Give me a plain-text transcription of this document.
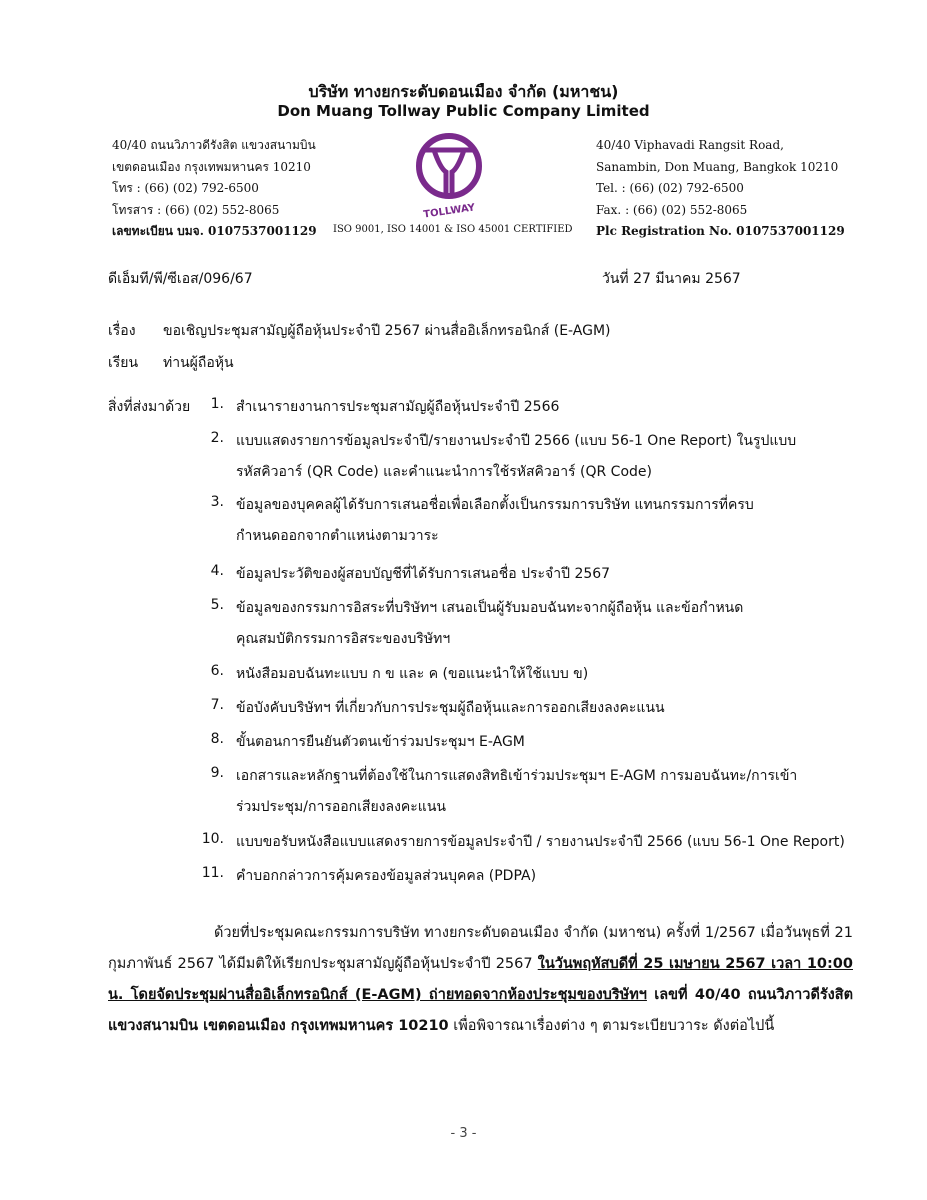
บริษัท ทางยกระดับดอนเมือง จำกัด (มหาชน)
Don Muang Tollway Public Company Limited
40/40 ถนนวิภาวดีรังสิต แขวงสนามบิน
เขตดอนเมือง กรุงเทพมหานคร 10210
โทร : (66) (02) 792-6500
โทรสาร : (66) (02) 552-8065
เลขทะเบียน บมจ. 0107537001129
TOLLWAY
ISO 9001, ISO 14001 & ISO 45001 CERTIFIED
40/40 Viphavadi Rangsit Road,
Sanambin, Don Muang, Bangkok 10210
Tel. : (66) (02) 792-6500
Fax. : (66) (02) 552-8065
Plc Registration No. 0107537001129
ดีเอ็มที/พี/ซีเอส/096/67	วันที่ 27 มีนาคม 2567
เรื่อง ขอเชิญประชุมสามัญผู้ถือหุ้นประจำปี 2567 ผ่านสื่ออิเล็กทรอนิกส์ (E-AGM)
เรียน ท่านผู้ถือหุ้น
สิ่งที่ส่งมาด้วย	1. สำเนารายงานการประชุมสามัญผู้ถือหุ้นประจำปี 2566
2. แบบแสดงรายการข้อมูลประจำปี/รายงานประจำปี 2566 (แบบ 56-1 One Report) ในรูปแบบ
รหัสคิวอาร์ (QR Code) และคำแนะนำการใช้รหัสคิวอาร์ (QR Code)
3. ข้อมูลของบุคคลผู้ได้รับการเสนอชื่อเพื่อเลือกตั้งเป็นกรรมการบริษัท แทนกรรมการที่ครบ
กำหนดออกจากตำแหน่งตามวาระ
4. ข้อมูลประวัติของผู้สอบบัญชีที่ได้รับการเสนอชื่อ ประจำปี 2567
5. ข้อมูลของกรรมการอิสระที่บริษัทฯ เสนอเป็นผู้รับมอบฉันทะจากผู้ถือหุ้น และข้อกำหนด
คุณสมบัติกรรมการอิสระของบริษัทฯ
6. หนังสือมอบฉันทะแบบ ก ข และ ค (ขอแนะนำให้ใช้แบบ ข)
7. ข้อบังคับบริษัทฯ ที่เกี่ยวกับการประชุมผู้ถือหุ้นและการออกเสียงลงคะแนน
8. ขั้นตอนการยืนยันตัวตนเข้าร่วมประชุมฯ E-AGM
9. เอกสารและหลักฐานที่ต้องใช้ในการแสดงสิทธิเข้าร่วมประชุมฯ E-AGM การมอบฉันทะ/การเข้า
ร่วมประชุม/การออกเสียงลงคะแนน
10. แบบขอรับหนังสือแบบแสดงรายการข้อมูลประจำปี / รายงานประจำปี 2566 (แบบ 56-1 One Report)
11. คำบอกกล่าวการคุ้มครองข้อมูลส่วนบุคคล (PDPA)
ด้วยที่ประชุมคณะกรรมการบริษัท ทางยกระดับดอนเมือง จำกัด (มหาชน) ครั้งที่ 1/2567 เมื่อวันพุธที่ 21 กุมภาพันธ์ 2567 ได้มีมติให้เรียกประชุมสามัญผู้ถือหุ้นประจำปี 2567 ในวันพฤหัสบดีที่ 25 เมษายน 2567 เวลา 10:00 น. โดยจัดประชุมผ่านสื่ออิเล็กทรอนิกส์ (E-AGM) ถ่ายทอดจากห้องประชุมของบริษัทฯ เลขที่ 40/40 ถนนวิภาวดีรังสิต แขวงสนามบิน เขตดอนเมือง กรุงเทพมหานคร 10210 เพื่อพิจารณาเรื่องต่าง ๆ ตามระเบียบวาระ ดังต่อไปนี้
- 3 -
